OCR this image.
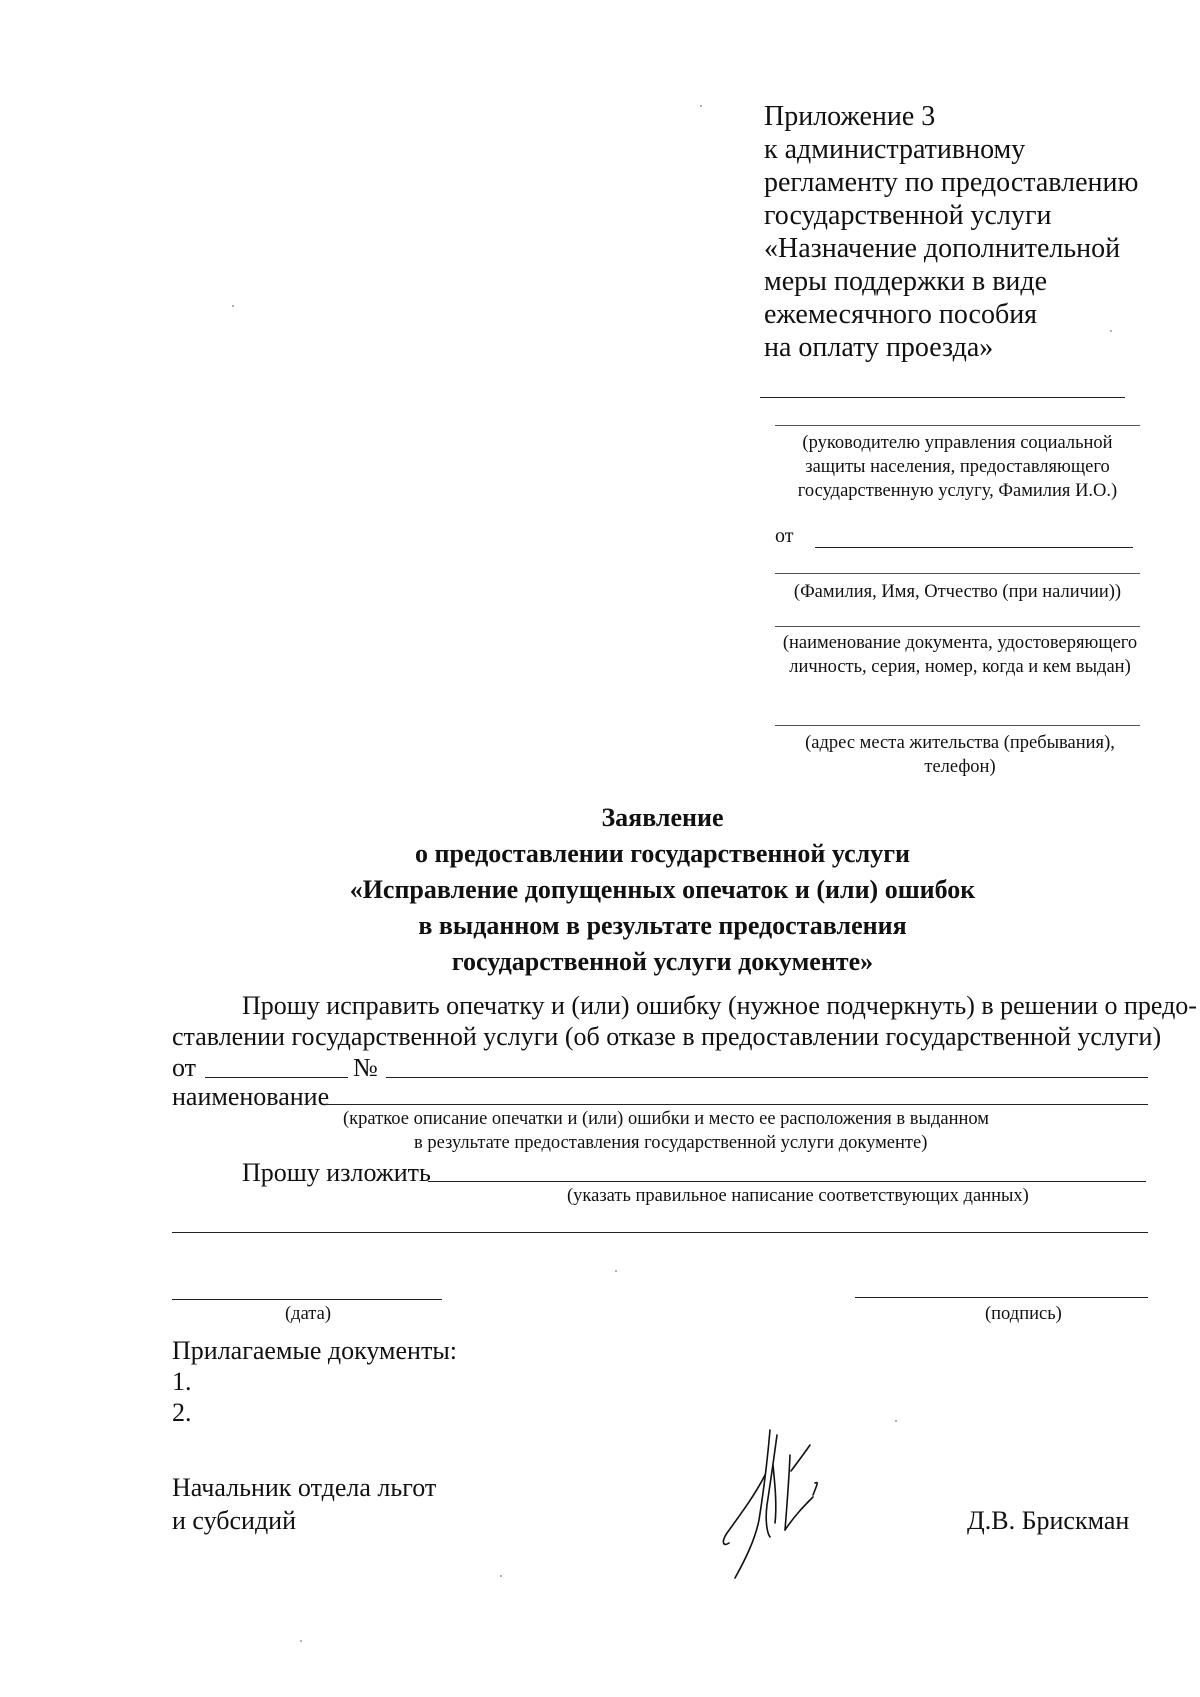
Приложение 3
к административному
регламенту по предоставлению
государственной услуги
«Назначение дополнительной
меры поддержки в виде
ежемесячного пособия
на оплату проезда»
(руководителю управления социальной защиты населения, предоставляющего государственную услугу, Фамилия И.О.)
от
(Фамилия, Имя, Отчество (при наличии))
(наименование документа, удостоверяющего личность, серия, номер, когда и кем выдан)
(адрес места жительства (пребывания), телефон)
Заявление
о предоставлении государственной услуги
«Исправление допущенных опечаток и (или) ошибок
в выданном в результате предоставления
государственной услуги документе»
Прошу исправить опечатку и (или) ошибку (нужное подчеркнуть) в решении о предо-
ставлении государственной услуги (об отказе в предоставлении государственной услуги)
от	№
наименование
(краткое описание опечатки и (или) ошибки и место ее расположения в выданном
в результате предоставления государственной услуги документе)
Прошу изложить
(указать правильное написание соответствующих данных)
(дата)	(подпись)
Прилагаемые документы:
1.
2.
Начальник отдела льгот
и субсидий	Д.В. Брискман
